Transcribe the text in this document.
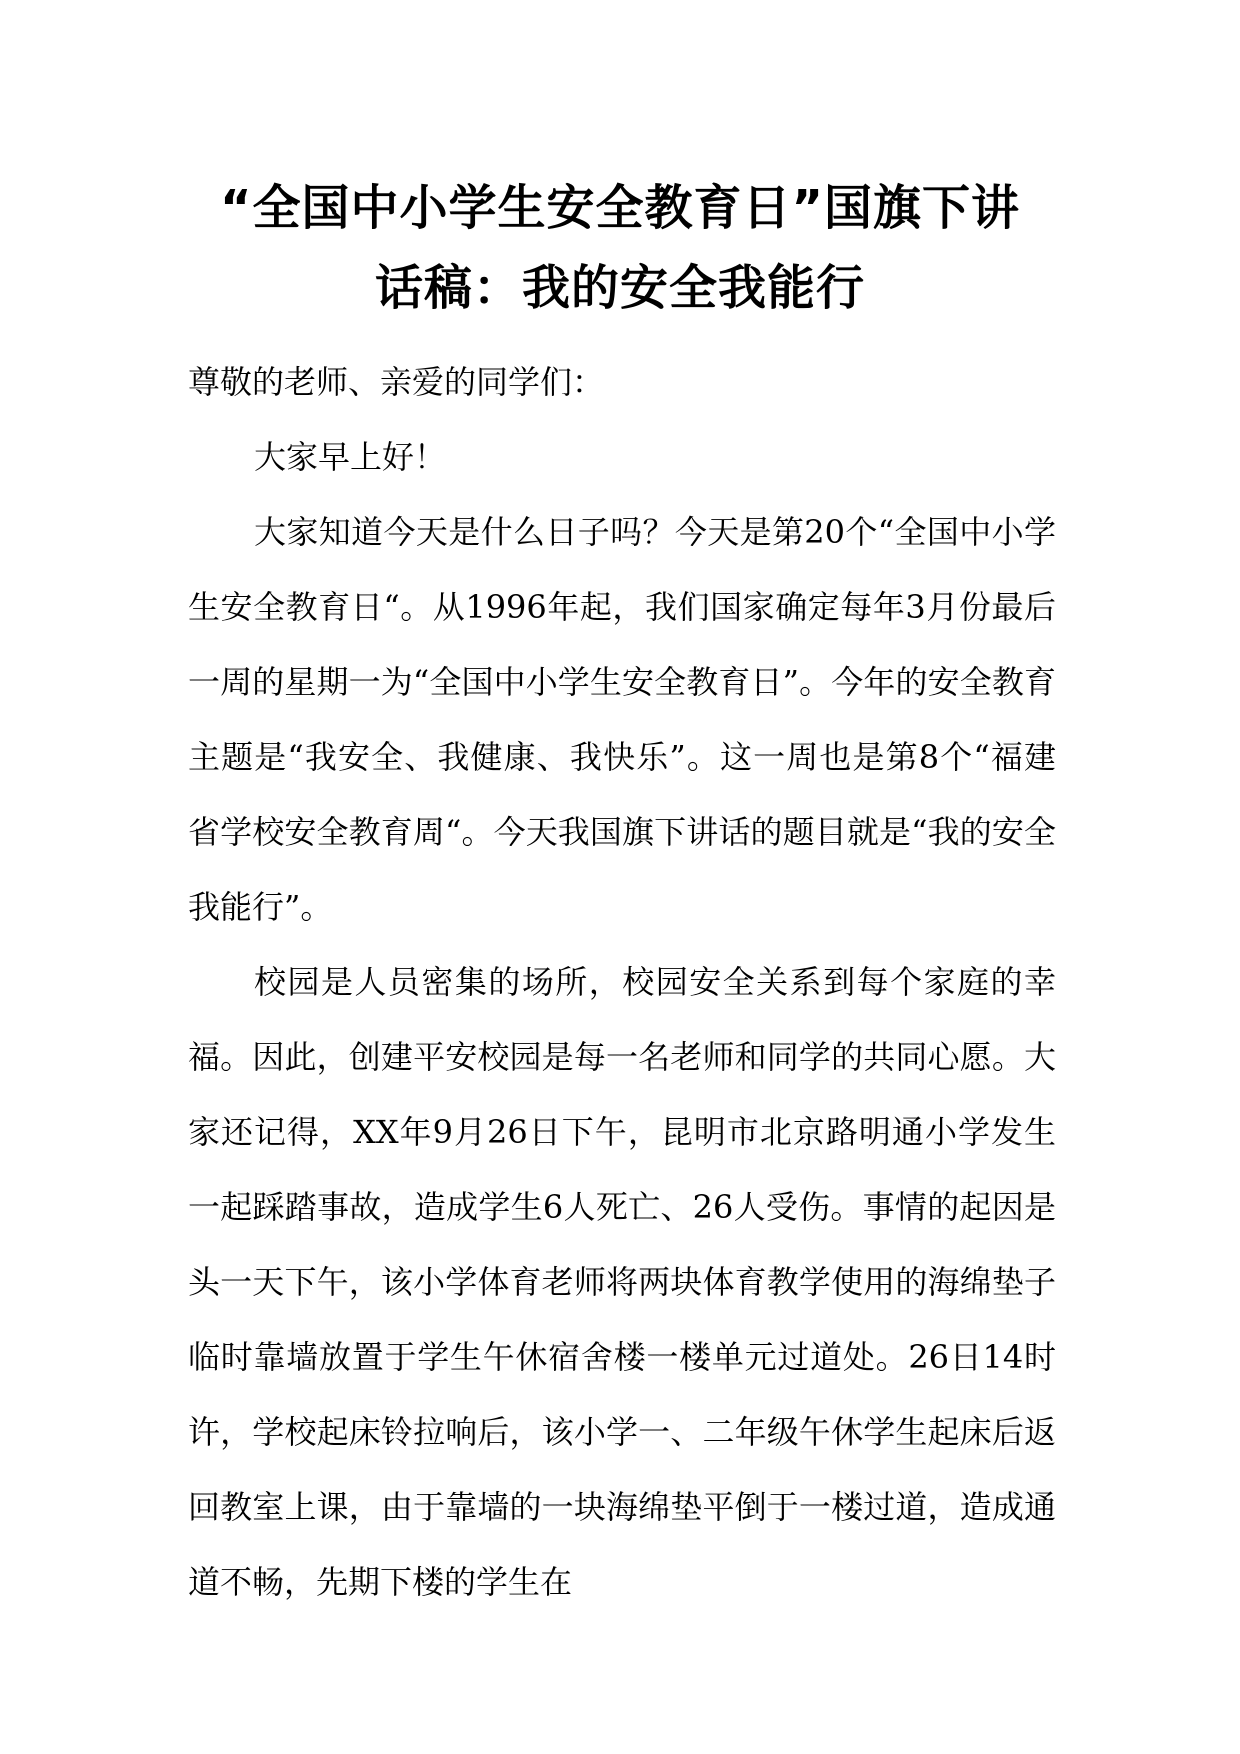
“全国中小学生安全教育日”国旗下讲
话稿：我的安全我能行

尊敬的老师、亲爱的同学们：

大家早上好！

大家知道今天是什么日子吗？今天是第20个“全国中小学生安全教育日“。从1996年起，我们国家确定每年3月份最后一周的星期一为“全国中小学生安全教育日”。今年的安全教育主题是“我安全、我健康、我快乐”。这一周也是第8个“福建省学校安全教育周“。今天我国旗下讲话的题目就是“我的安全我能行”。

校园是人员密集的场所，校园安全关系到每个家庭的幸福。因此，创建平安校园是每一名老师和同学的共同心愿。大家还记得，XX年9月26日下午，昆明市北京路明通小学发生一起踩踏事故，造成学生6人死亡、26人受伤。事情的起因是头一天下午，该小学体育老师将两块体育教学使用的海绵垫子临时靠墙放置于学生午休宿舍楼一楼单元过道处。26日14时许，学校起床铃拉响后，该小学一、二年级午休学生起床后返回教室上课，由于靠墙的一块海绵垫平倒于一楼过道，造成通道不畅，先期下楼的学生在
